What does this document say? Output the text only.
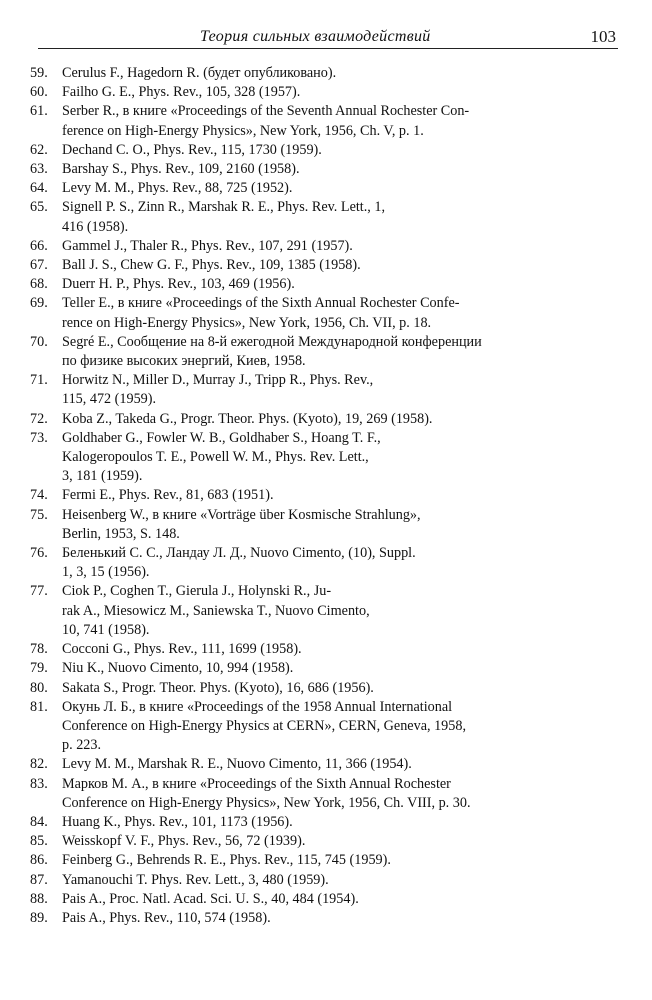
Теория сильных взаимодействий	103
59.	Cerulus F., Hagedorn R. (будет опубликовано).
60.	Failho G. E., Phys. Rev., 105, 328 (1957).
61.	Serber R., в книге «Proceedings of the Seventh Annual Rochester Con-
ference on High-Energy Physics», New York, 1956, Ch. V, p. 1.
62.	Dechand C. O., Phys. Rev., 115, 1730 (1959).
63.	Barshay S., Phys. Rev., 109, 2160 (1958).
64.	Levy M. M., Phys. Rev., 88, 725 (1952).
65.	Signell P. S., Zinn R., Marshak R. E., Phys. Rev. Lett., 1,
416 (1958).
66.	Gammel J., Thaler R., Phys. Rev., 107, 291 (1957).
67.	Ball J. S., Chew G. F., Phys. Rev., 109, 1385 (1958).
68.	Duerr H. P., Phys. Rev., 103, 469 (1956).
69.	Teller E., в книге «Proceedings of the Sixth Annual Rochester Confe-
rence on High-Energy Physics», New York, 1956, Ch. VII, p. 18.
70.	Segré E., Сообщение на 8-й ежегодной Международной конференции
по физике высоких энергий, Киев, 1958.
71.	Horwitz N., Miller D., Murray J., Tripp R., Phys. Rev.,
115, 472 (1959).
72.	Koba Z., Takeda G., Progr. Theor. Phys. (Kyoto), 19, 269 (1958).
73.	Goldhaber G., Fowler W. B., Goldhaber S., Hoang T. F.,
Kalogeropoulos T. E., Powell W. M., Phys. Rev. Lett.,
3, 181 (1959).
74.	Fermi E., Phys. Rev., 81, 683 (1951).
75.	Heisenberg W., в книге «Vorträge über Kosmische Strahlung»,
Berlin, 1953, S. 148.
76.	Беленький С. С., Ландау Л. Д., Nuovo Cimento, (10), Suppl.
1, 3, 15 (1956).
77.	Ciok P., Coghen T., Gierula J., Holynski R., Ju-
rak A., Miesowicz M., Saniewska T., Nuovo Cimento,
10, 741 (1958).
78.	Cocconi G., Phys. Rev., 111, 1699 (1958).
79.	Niu K., Nuovo Cimento, 10, 994 (1958).
80.	Sakata S., Progr. Theor. Phys. (Kyoto), 16, 686 (1956).
81.	Окунь Л. Б., в книге «Proceedings of the 1958 Annual International
Conference on High-Energy Physics at CERN», CERN, Geneva, 1958,
p. 223.
82.	Levy M. M., Marshak R. E., Nuovo Cimento, 11, 366 (1954).
83.	Марков М. А., в книге «Proceedings of the Sixth Annual Rochester
Conference on High-Energy Physics», New York, 1956, Ch. VIII, p. 30.
84.	Huang K., Phys. Rev., 101, 1173 (1956).
85.	Weisskopf V. F., Phys. Rev., 56, 72 (1939).
86.	Feinberg G., Behrends R. E., Phys. Rev., 115, 745 (1959).
87.	Yamanouchi T. Phys. Rev. Lett., 3, 480 (1959).
88.	Pais A., Proc. Natl. Acad. Sci. U. S., 40, 484 (1954).
89.	Pais A., Phys. Rev., 110, 574 (1958).
